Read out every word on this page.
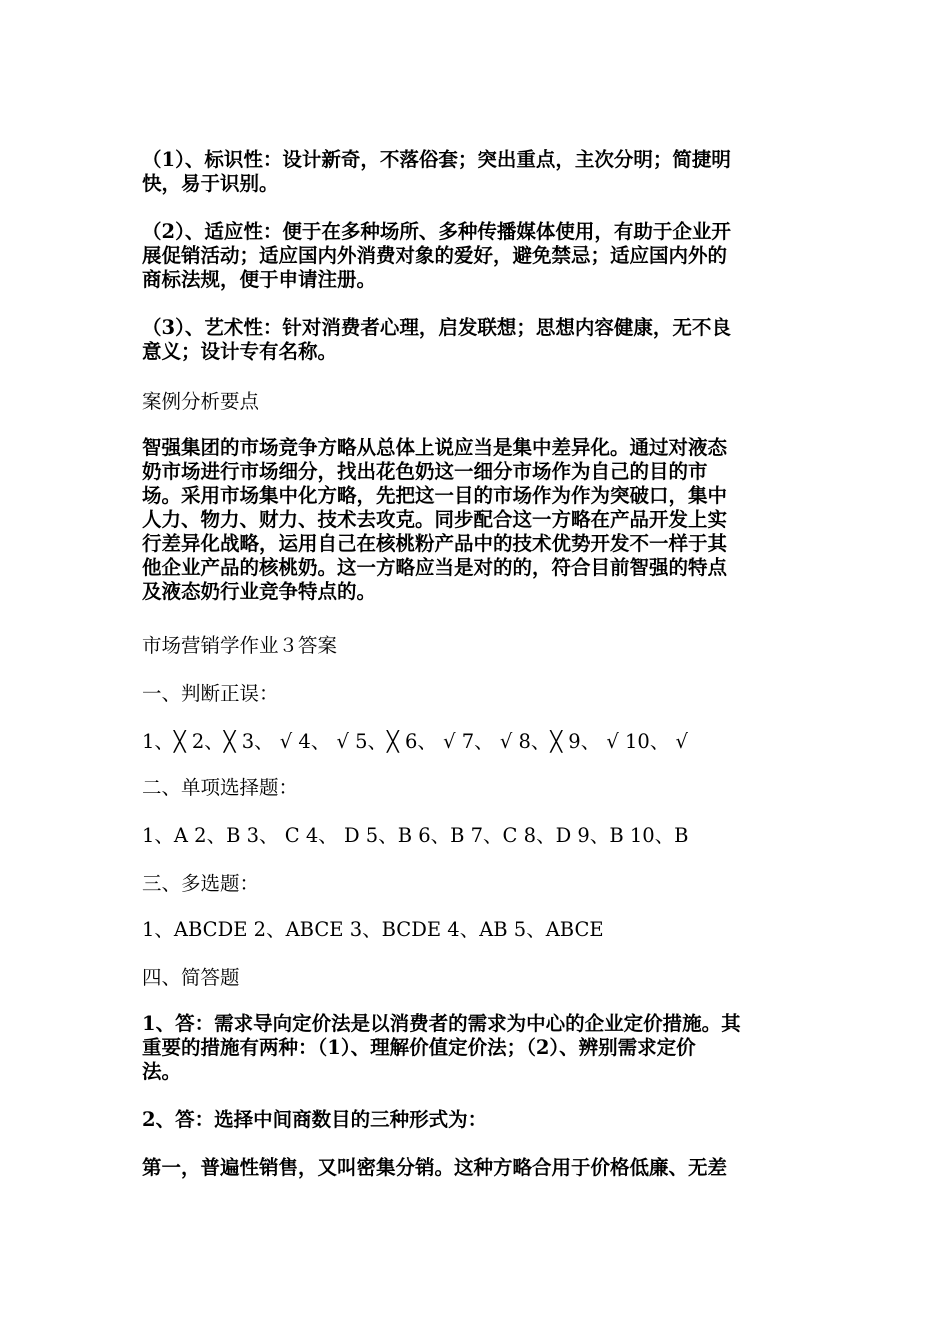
（1）、标识性：设计新奇，不落俗套；突出重点，主次分明；简捷明
快，易于识别。

（2）、适应性：便于在多种场所、多种传播媒体使用，有助于企业开
展促销活动；适应国内外消费对象的爱好，避免禁忌；适应国内外的
商标法规，便于申请注册。

（3）、艺术性：针对消费者心理，启发联想；思想内容健康，无不良
意义；设计专有名称。

案例分析要点

智强集团的市场竞争方略从总体上说应当是集中差异化。通过对液态
奶市场进行市场细分，找出花色奶这一细分市场作为自己的目的市
场。采用市场集中化方略，先把这一目的市场作为作为突破口，集中
人力、物力、财力、技术去攻克。同步配合这一方略在产品开发上实
行差异化战略，运用自己在核桃粉产品中的技术优势开发不一样于其
他企业产品的核桃奶。这一方略应当是对的的，符合目前智强的特点
及液态奶行业竞争特点的。

市场营销学作业３答案

一、判断正误：

1、╳ 2、╳ 3、 √ 4、 √ 5、╳ 6、 √ 7、 √ 8、╳ 9、 √ 10、 √

二、单项选择题：

1、A 2、B 3、 C 4、 D 5、B 6、B 7、C 8、D 9、B 10、B

三、多选题：

1、ABCDE 2、ABCE 3、BCDE 4、AB 5、ABCE

四、简答题

1、答：需求导向定价法是以消费者的需求为中心的企业定价措施。其
重要的措施有两种：（1）、理解价值定价法；（2）、辨别需求定价
法。

2、答：选择中间商数目的三种形式为：

第一，普遍性销售，又叫密集分销。这种方略合用于价格低廉、无差
